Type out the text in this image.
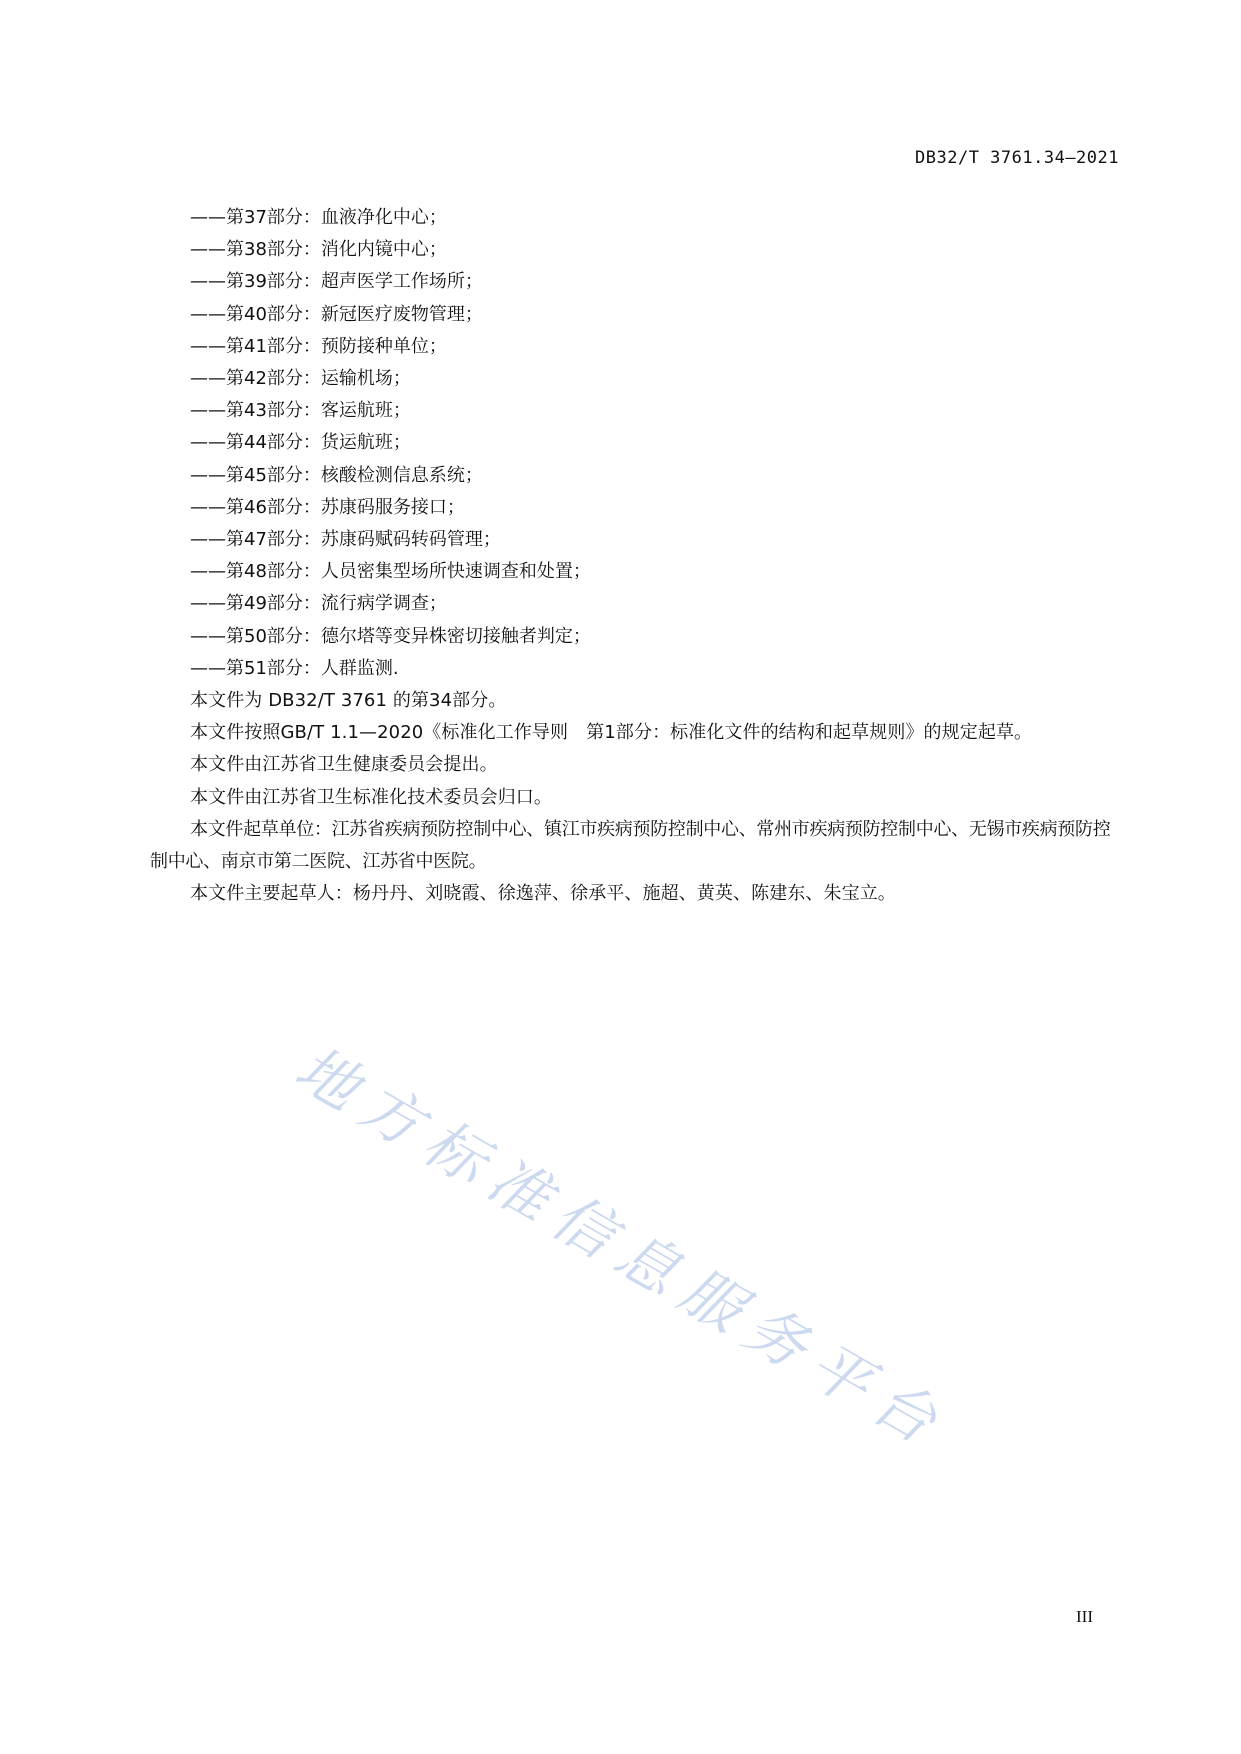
DB32/T 3761.34—2021
——第37部分：血液净化中心；
——第38部分：消化内镜中心；
——第39部分：超声医学工作场所；
——第40部分：新冠医疗废物管理；
——第41部分：预防接种单位；
——第42部分：运输机场；
——第43部分：客运航班；
——第44部分：货运航班；
——第45部分：核酸检测信息系统；
——第46部分：苏康码服务接口；
——第47部分：苏康码赋码转码管理；
——第48部分：人员密集型场所快速调查和处置；
——第49部分：流行病学调查；
——第50部分：德尔塔等变异株密切接触者判定；
——第51部分：人群监测.
本文件为 DB32/T 3761 的第34部分。
本文件按照GB/T 1.1—2020《标准化工作导则　第1部分：标准化文件的结构和起草规则》的规定起草。
本文件由江苏省卫生健康委员会提出。
本文件由江苏省卫生标准化技术委员会归口。
本文件起草单位：江苏省疾病预防控制中心、镇江市疾病预防控制中心、常州市疾病预防控制中心、无锡市疾病预防控制中心、南京市第二医院、江苏省中医院。
本文件主要起草人：杨丹丹、刘晓霞、徐逸萍、徐承平、施超、黄英、陈建东、朱宝立。
地方标准信息服务平台
III
